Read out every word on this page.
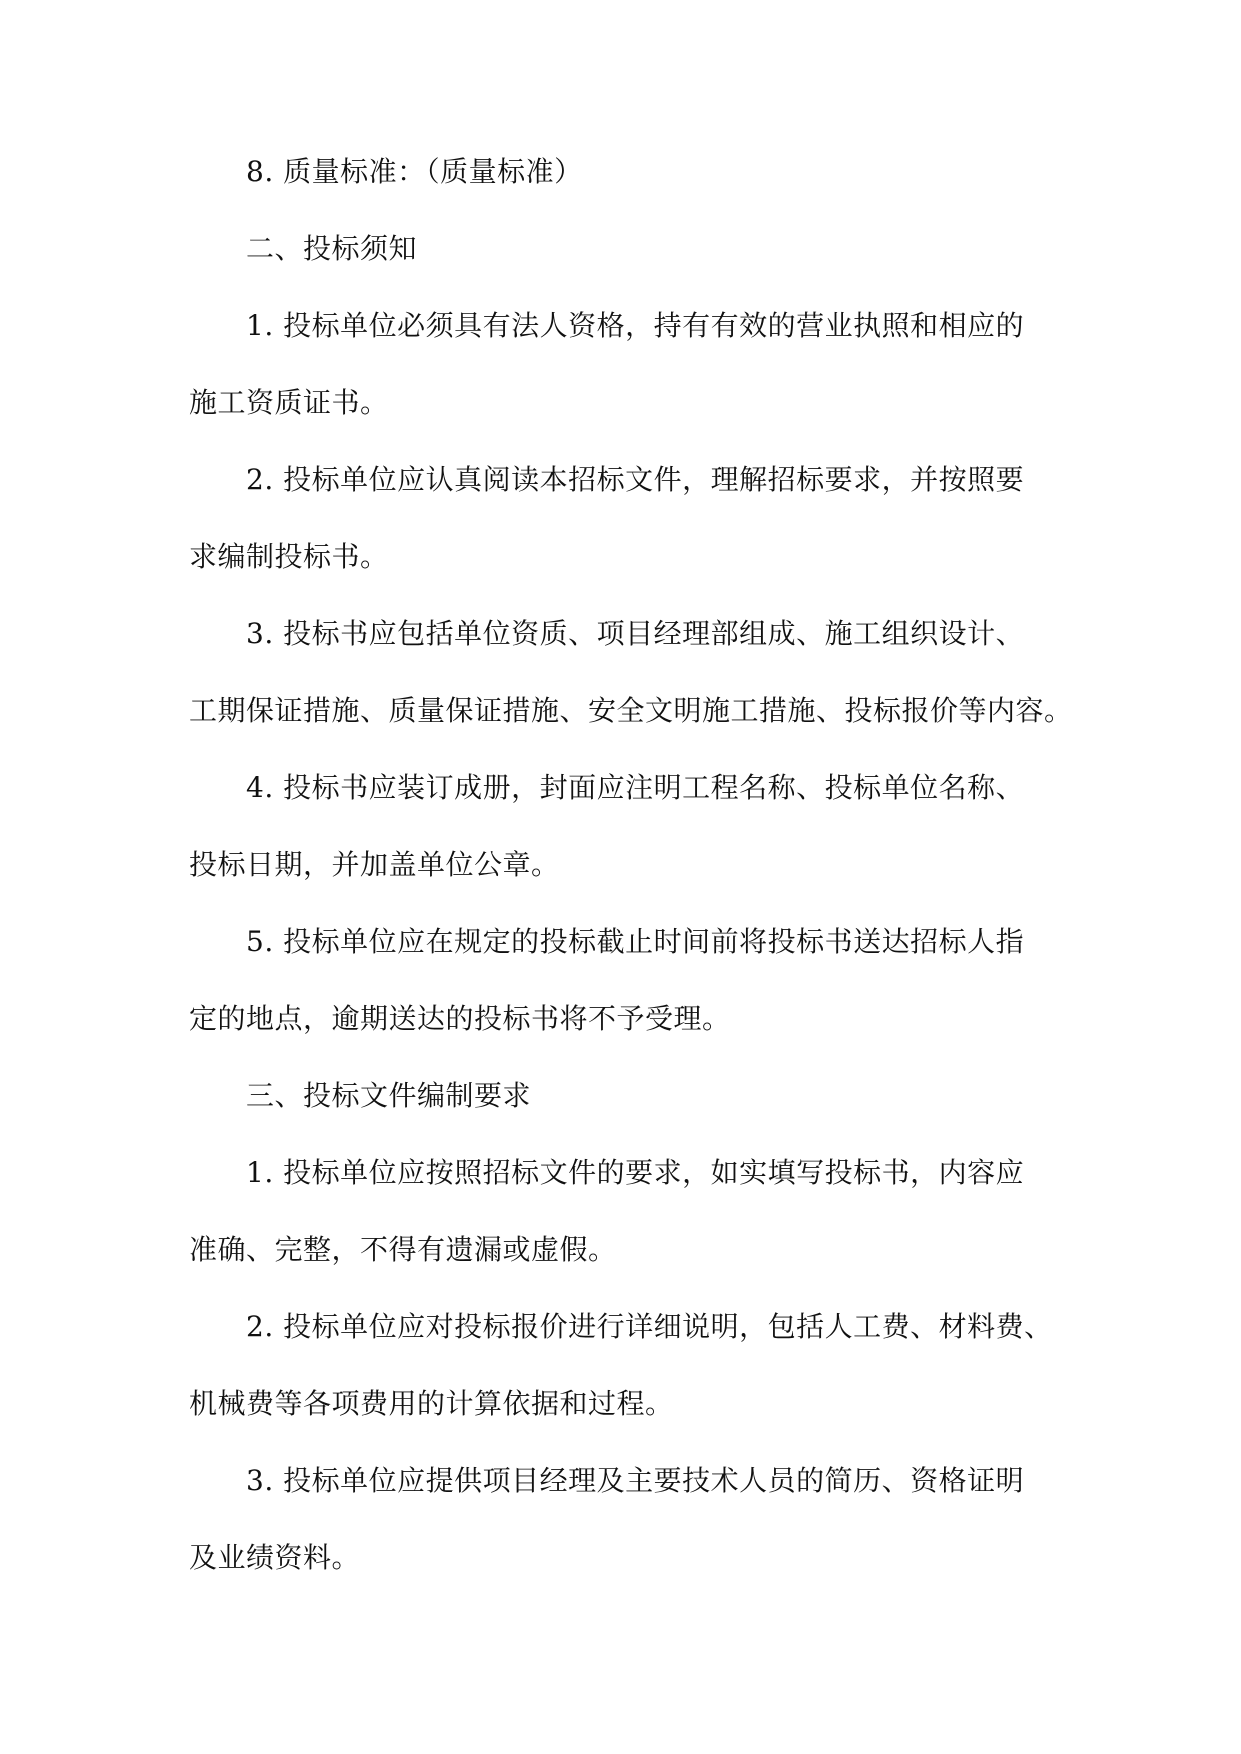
8. 质量标准：（质量标准）
二、投标须知
1. 投标单位必须具有法人资格，持有有效的营业执照和相应的
施工资质证书。
2. 投标单位应认真阅读本招标文件，理解招标要求，并按照要
求编制投标书。
3. 投标书应包括单位资质、项目经理部组成、施工组织设计、
工期保证措施、质量保证措施、安全文明施工措施、投标报价等内容。
4. 投标书应装订成册，封面应注明工程名称、投标单位名称、
投标日期，并加盖单位公章。
5. 投标单位应在规定的投标截止时间前将投标书送达招标人指
定的地点，逾期送达的投标书将不予受理。
三、投标文件编制要求
1. 投标单位应按照招标文件的要求，如实填写投标书，内容应
准确、完整，不得有遗漏或虚假。
2. 投标单位应对投标报价进行详细说明，包括人工费、材料费、
机械费等各项费用的计算依据和过程。
3. 投标单位应提供项目经理及主要技术人员的简历、资格证明
及业绩资料。
